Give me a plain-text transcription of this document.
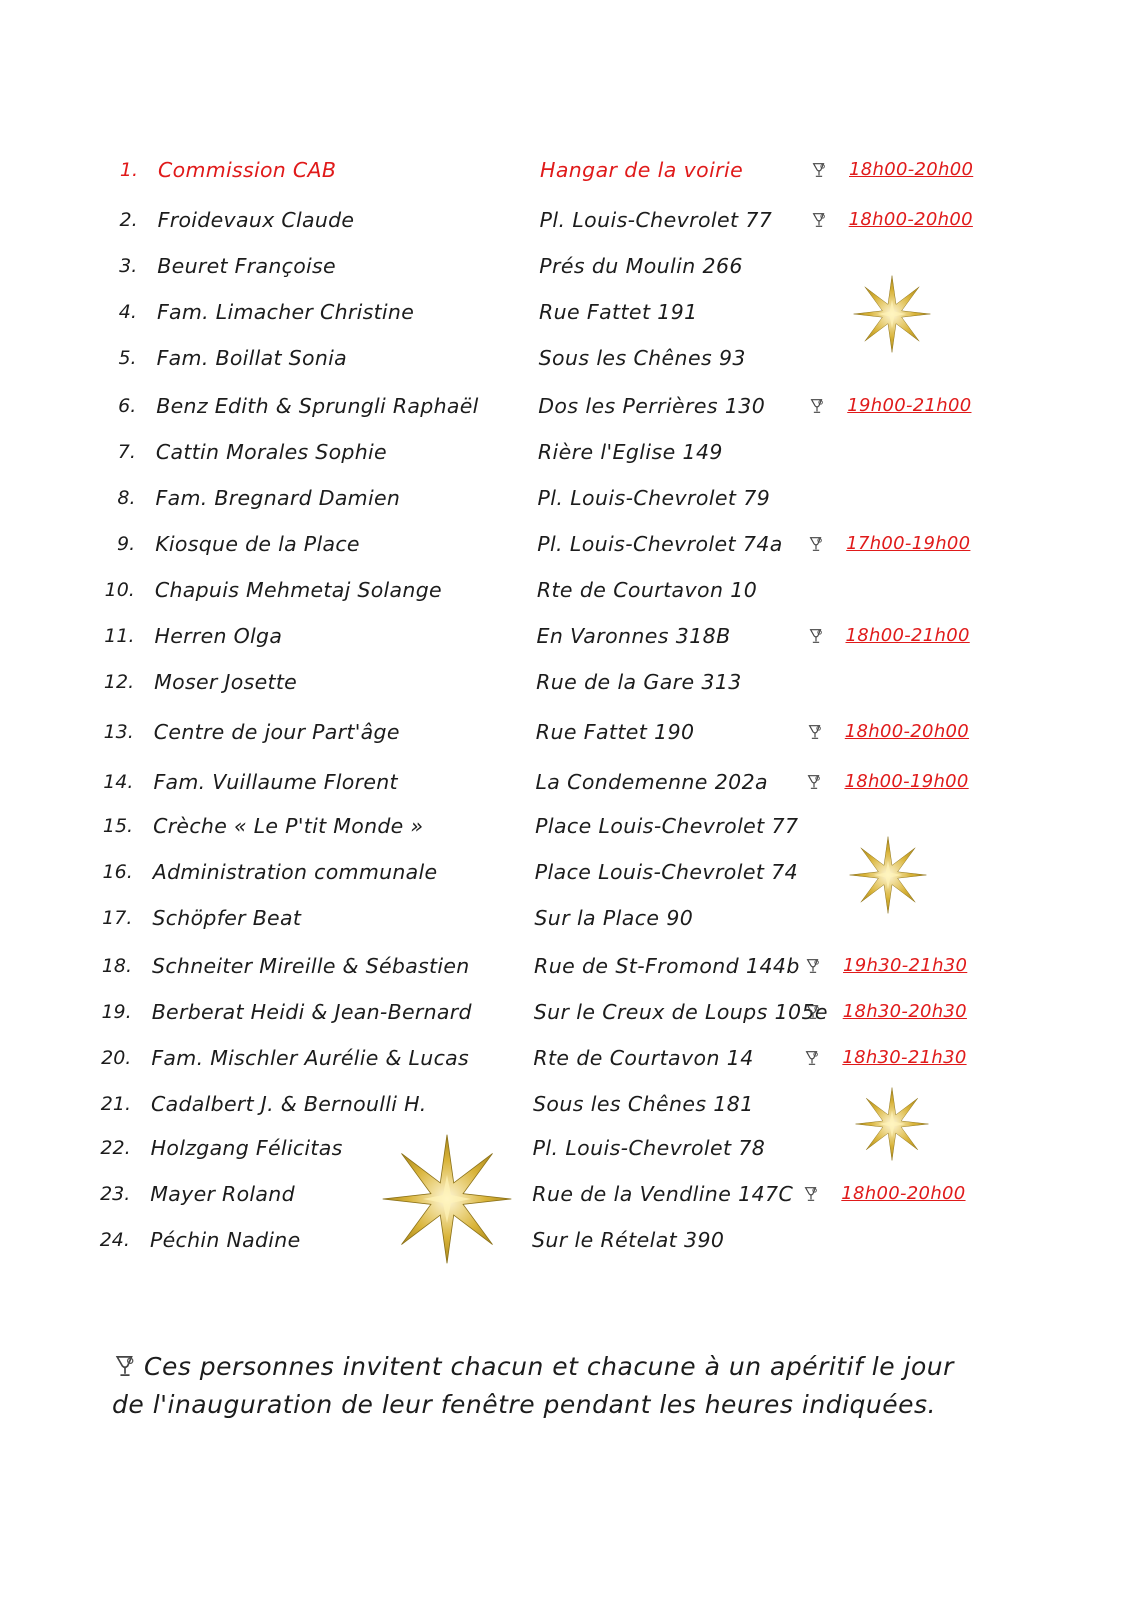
1. Commission CAB	Hangar de la voirie	18h00-20h00
2. Froidevaux Claude	Pl. Louis-Chevrolet 77	18h00-20h00
3. Beuret Françoise	Prés du Moulin 266
4. Fam. Limacher Christine	Rue Fattet 191
5. Fam. Boillat Sonia	Sous les Chênes 93
6. Benz Edith & Sprungli Raphaël	Dos les Perrières 130	19h00-21h00
7. Cattin Morales Sophie	Rière l'Eglise 149
8. Fam. Bregnard Damien	Pl. Louis-Chevrolet 79
9. Kiosque de la Place	Pl. Louis-Chevrolet 74a	17h00-19h00
10. Chapuis Mehmetaj Solange	Rte de Courtavon 10
11. Herren Olga	En Varonnes 318B	18h00-21h00
12. Moser Josette	Rue de la Gare 313
13. Centre de jour Part'âge	Rue Fattet 190	18h00-20h00
14. Fam. Vuillaume Florent	La Condemenne 202a	18h00-19h00
15. Crèche « Le P'tit Monde »	Place Louis-Chevrolet 77
16. Administration communale	Place Louis-Chevrolet 74
17. Schöpfer Beat	Sur la Place 90
18. Schneiter Mireille & Sébastien	Rue de St-Fromond 144b 19h30-21h30
19. Berberat Heidi & Jean-Bernard	Sur le Creux de Loups 105e 18h30-20h30
20. Fam. Mischler Aurélie & Lucas	Rte de Courtavon 14	18h30-21h30
21. Cadalbert J. & Bernoulli H.	Sous les Chênes 181
22. Holzgang Félicitas	Pl. Louis-Chevrolet 78
23. Mayer Roland	Rue de la Vendline 147C	18h00-20h00
24. Péchin Nadine	Sur le Rételat 390
Ces personnes invitent chacun et chacune à un apéritif le jour
de l'inauguration de leur fenêtre pendant les heures indiquées.
